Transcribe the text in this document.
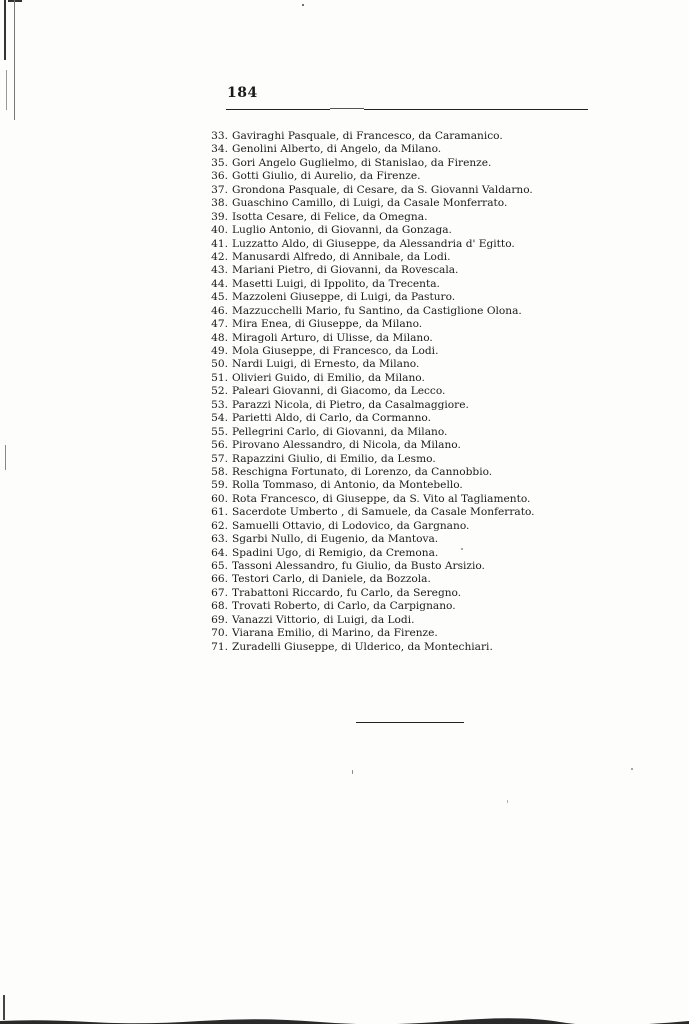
184
33. Gaviraghi Pasquale, di Francesco, da Caramanico.
34. Genolini Alberto, di Angelo, da Milano.
35. Gori Angelo Guglielmo, di Stanislao, da Firenze.
36. Gotti Giulio, di Aurelio, da Firenze.
37. Grondona Pasquale, di Cesare, da S. Giovanni Valdarno.
38. Guaschino Camillo, di Luigi, da Casale Monferrato.
39. Isotta Cesare, di Felice, da Omegna.
40. Luglio Antonio, di Giovanni, da Gonzaga.
41. Luzzatto Aldo, di Giuseppe, da Alessandria d' Egitto.
42. Manusardi Alfredo, di Annibale, da Lodi.
43. Mariani Pietro, di Giovanni, da Rovescala.
44. Masetti Luigi, di Ippolito, da Trecenta.
45. Mazzoleni Giuseppe, di Luigi, da Pasturo.
46. Mazzucchelli Mario, fu Santino, da Castiglione Olona.
47. Mira Enea, di Giuseppe, da Milano.
48. Miragoli Arturo, di Ulisse, da Milano.
49. Mola Giuseppe, di Francesco, da Lodi.
50. Nardi Luigi, di Ernesto, da Milano.
51. Olivieri Guido, di Emilio, da Milano.
52. Paleari Giovanni, di Giacomo, da Lecco.
53. Parazzi Nicola, di Pietro, da Casalmaggiore.
54. Parietti Aldo, di Carlo, da Cormanno.
55. Pellegrini Carlo, di Giovanni, da Milano.
56. Pirovano Alessandro, di Nicola, da Milano.
57. Rapazzini Giulio, di Emilio, da Lesmo.
58. Reschigna Fortunato, di Lorenzo, da Cannobbio.
59. Rolla Tommaso, di Antonio, da Montebello.
60. Rota Francesco, di Giuseppe, da S. Vito al Tagliamento.
61. Sacerdote Umberto , di Samuele, da Casale Monferrato.
62. Samuelli Ottavio, di Lodovico, da Gargnano.
63. Sgarbi Nullo, di Eugenio, da Mantova.
64. Spadini Ugo, di Remigio, da Cremona.
65. Tassoni Alessandro, fu Giulio, da Busto Arsizio.
66. Testori Carlo, di Daniele, da Bozzola.
67. Trabattoni Riccardo, fu Carlo, da Seregno.
68. Trovati Roberto, di Carlo, da Carpignano.
69. Vanazzi Vittorio, di Luigi, da Lodi.
70. Viarana Emilio, di Marino, da Firenze.
71. Zuradelli Giuseppe, di Ulderico, da Montechiari.
